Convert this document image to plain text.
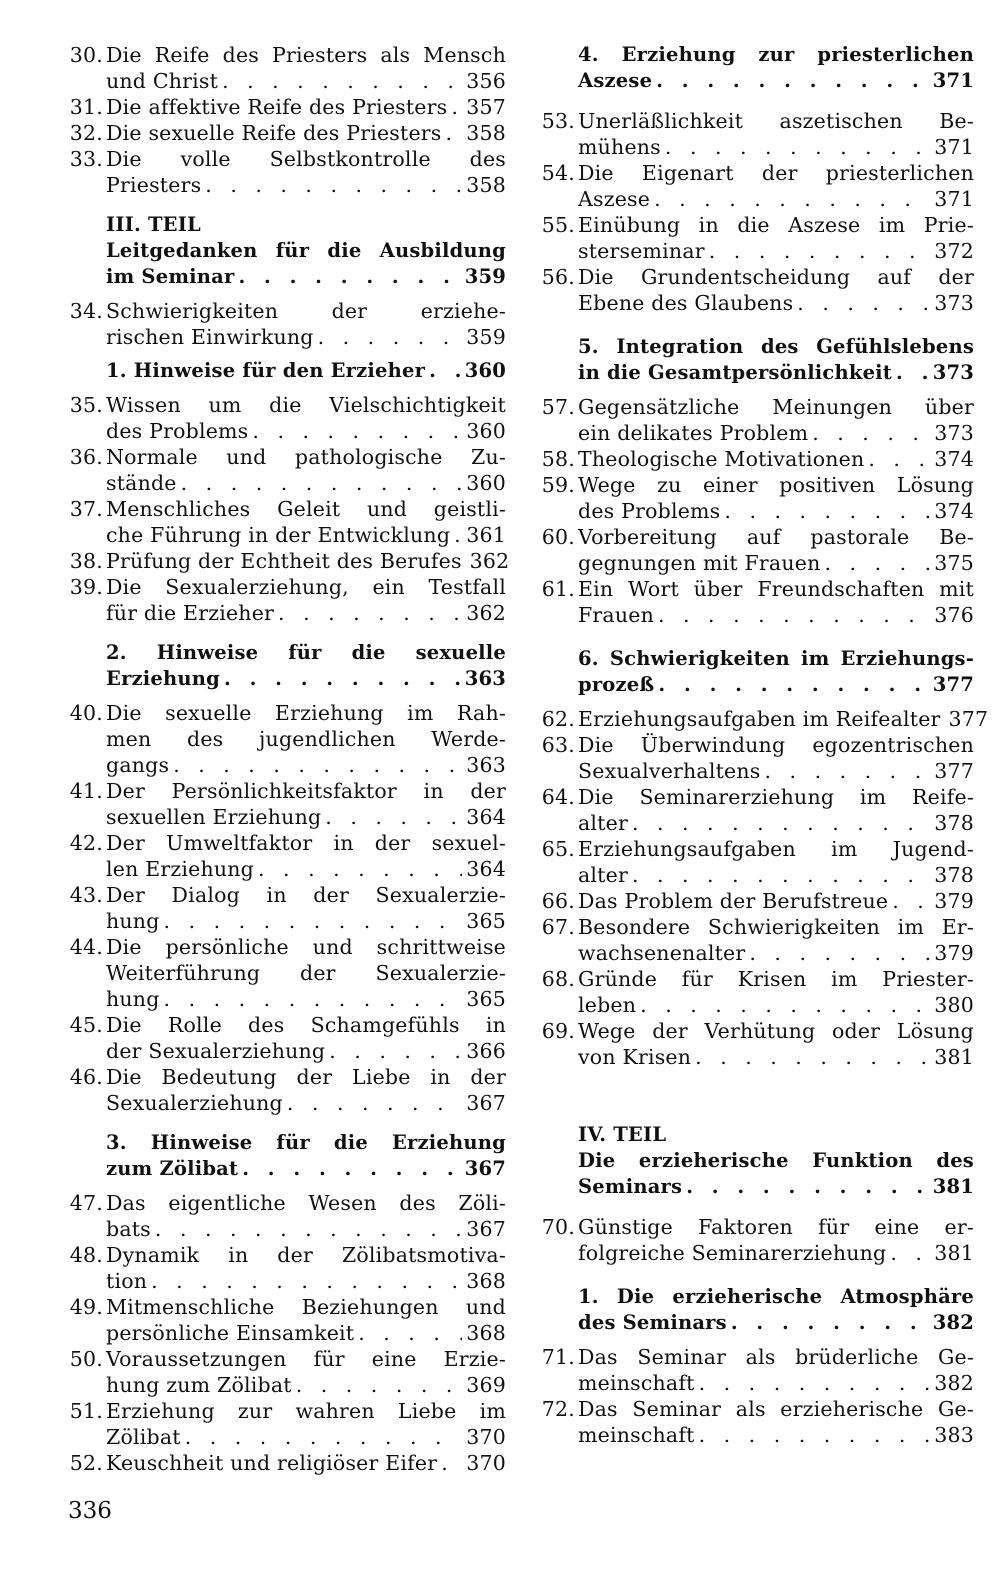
30. Die Reife des Priesters als Mensch
und Christ . . .	356
31. Die affektive Reife des Priesters . . . 357
32. Die sexuelle Reife des Priesters . . . 358
33. Die volle Selbstkontrolle des
Priesters . . .	358
III. TEIL
Leitgedanken für die Ausbildung
im Seminar . . .	359
34. Schwierigkeiten der erziehe-
rischen Einwirkung . . .	359
1. Hinweise für den Erzieher . . . 360
35. Wissen um die Vielschichtigkeit
des Problems . . .	360
36. Normale und pathologische Zu-
stände . . .	360
37. Menschliches Geleit und geistli-
che Führung in der Entwicklung . . . 361
38. Prüfung der Echtheit des Berufes 362
39. Die Sexualerziehung, ein Testfall
für die Erzieher . . .	362
2. Hinweise für die sexuelle
Erziehung . . .	363
40. Die sexuelle Erziehung im Rah-
men des jugendlichen Werde-
gangs . . .	363
41. Der Persönlichkeitsfaktor in der
sexuellen Erziehung . . .	364
42. Der Umweltfaktor in der sexuel-
len Erziehung . . .	364
43. Der Dialog in der Sexualerzie-
hung . . .	365
44. Die persönliche und schrittweise
Weiterführung der Sexualerzie-
hung . . .	365
45. Die Rolle des Schamgefühls in
der Sexualerziehung . . .	366
46. Die Bedeutung der Liebe in der
Sexualerziehung . . .	367
3. Hinweise für die Erziehung
zum Zölibat . . .	367
47. Das eigentliche Wesen des Zöli-
bats . . .	367
48. Dynamik in der Zölibatsmotiva-
tion . . .	368
49. Mitmenschliche Beziehungen und
persönliche Einsamkeit . . .	368
50. Voraussetzungen für eine Erzie-
hung zum Zölibat . . .	369
51. Erziehung zur wahren Liebe im
Zölibat . . .	370
52. Keuschheit und religiöser Eifer . . . 370
4. Erziehung zur priesterlichen
Aszese . . .	371
53. Unerläßlichkeit aszetischen Be-
mühens . . .	371
54. Die Eigenart der priesterlichen
Aszese . . .	371
55. Einübung in die Aszese im Prie-
sterseminar . . .	372
56. Die Grundentscheidung auf der
Ebene des Glaubens . . .	373
5. Integration des Gefühlslebens
in die Gesamtpersönlichkeit . . . 373
57. Gegensätzliche Meinungen über
ein delikates Problem . . .	373
58. Theologische Motivationen . . .	374
59. Wege zu einer positiven Lösung
des Problems . . .	374
60. Vorbereitung auf pastorale Be-
gegnungen mit Frauen . . .	375
61. Ein Wort über Freundschaften mit
Frauen . . .	376
6. Schwierigkeiten im Erziehungs-
prozeß . . .	377
62. Erziehungsaufgaben im Reifealter 377
63. Die Überwindung egozentrischen
Sexualverhaltens . . .	377
64. Die Seminarerziehung im Reife-
alter . . .	378
65. Erziehungsaufgaben im Jugend-
alter . . .	378
66. Das Problem der Berufstreue . . . 379
67. Besondere Schwierigkeiten im Er-
wachsenenalter . . .	379
68. Gründe für Krisen im Priester-
leben . . .	380
69. Wege der Verhütung oder Lösung
von Krisen . . .	381
IV. TEIL
Die erzieherische Funktion des
Seminars . . .	381
70. Günstige Faktoren für eine er-
folgreiche Seminarerziehung . . . 381
1. Die erzieherische Atmosphäre
des Seminars . . .	382
71. Das Seminar als brüderliche Ge-
meinschaft . . .	382
72. Das Seminar als erzieherische Ge-
meinschaft . . .	383
336
